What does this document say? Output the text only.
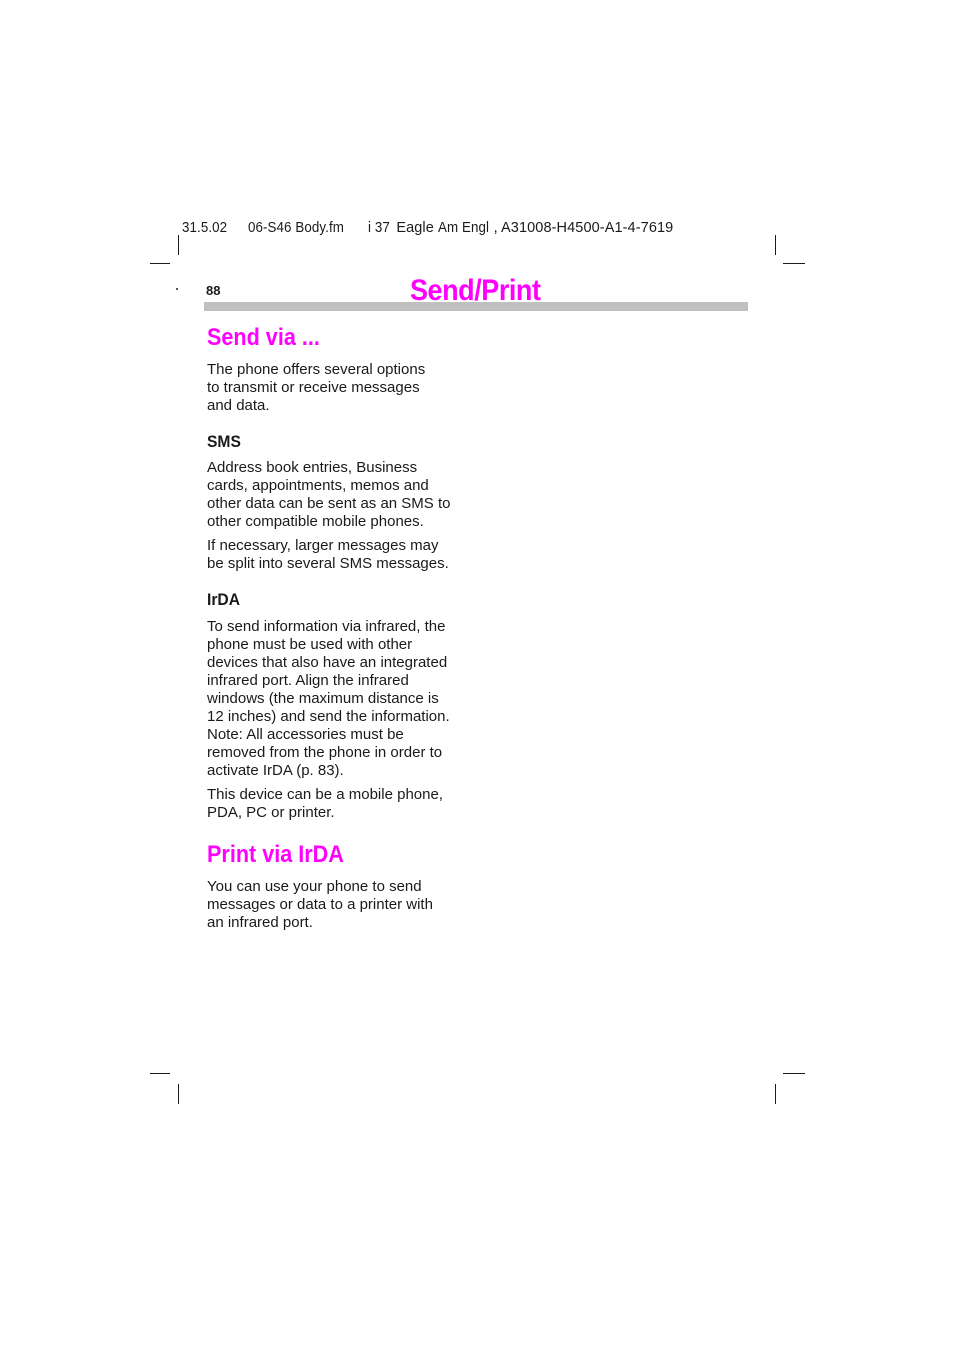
31.5.02 06-S46 Body.fm i 37 Eagle Am Engl , A31008-H4500-A1-4-7619
88	Send/Print
Send via ...

The phone offers several options

to transmit or receive messages

and data.

SMS

Address book entries, Business

cards, appointments, memos and

other data can be sent as an SMS to

other compatible mobile phones.

If necessary, larger messages may

be split into several SMS messages.

IrDA

To send information via infrared, the

phone must be used with other

devices that also have an integrated

infrared port. Align the infrared

windows (the maximum distance is

12 inches) and send the information.

Note: All accessories must be

removed from the phone in order to

activate IrDA (p. 83).

This device can be a mobile phone,

PDA, PC or printer.

Print via IrDA

You can use your phone to send

messages or data to a printer with

an infrared port.
